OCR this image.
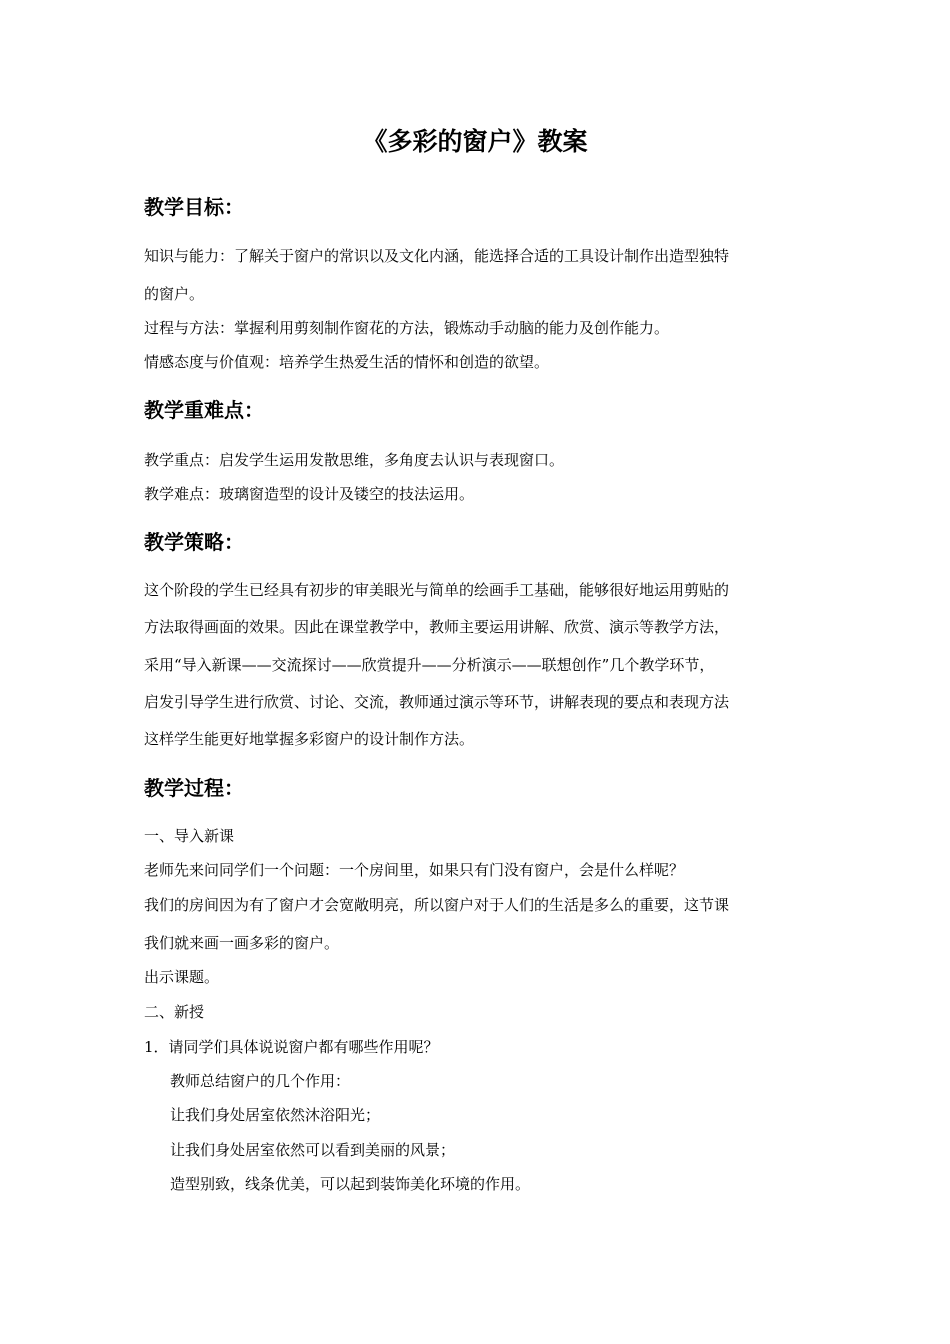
《多彩的窗户》教案
教学目标：
知识与能力：了解关于窗户的常识以及文化内涵，能选择合适的工具设计制作出造型独特
的窗户。
过程与方法：掌握利用剪刻制作窗花的方法，锻炼动手动脑的能力及创作能力。
情感态度与价值观：培养学生热爱生活的情怀和创造的欲望。
教学重难点：
教学重点：启发学生运用发散思维，多角度去认识与表现窗口。
教学难点：玻璃窗造型的设计及镂空的技法运用。
教学策略：
这个阶段的学生已经具有初步的审美眼光与简单的绘画手工基础，能够很好地运用剪贴的
方法取得画面的效果。因此在课堂教学中，教师主要运用讲解、欣赏、演示等教学方法，
采用“导入新课——交流探讨——欣赏提升——分析演示——联想创作”几个教学环节，
启发引导学生进行欣赏、讨论、交流，教师通过演示等环节，讲解表现的要点和表现方法
这样学生能更好地掌握多彩窗户的设计制作方法。
教学过程：
一、导入新课
老师先来问同学们一个问题：一个房间里，如果只有门没有窗户，会是什么样呢？
我们的房间因为有了窗户才会宽敞明亮，所以窗户对于人们的生活是多么的重要，这节课
我们就来画一画多彩的窗户。
出示课题。
二、新授
1．请同学们具体说说窗户都有哪些作用呢？
教师总结窗户的几个作用：
让我们身处居室依然沐浴阳光；
让我们身处居室依然可以看到美丽的风景；
造型别致，线条优美，可以起到装饰美化环境的作用。
